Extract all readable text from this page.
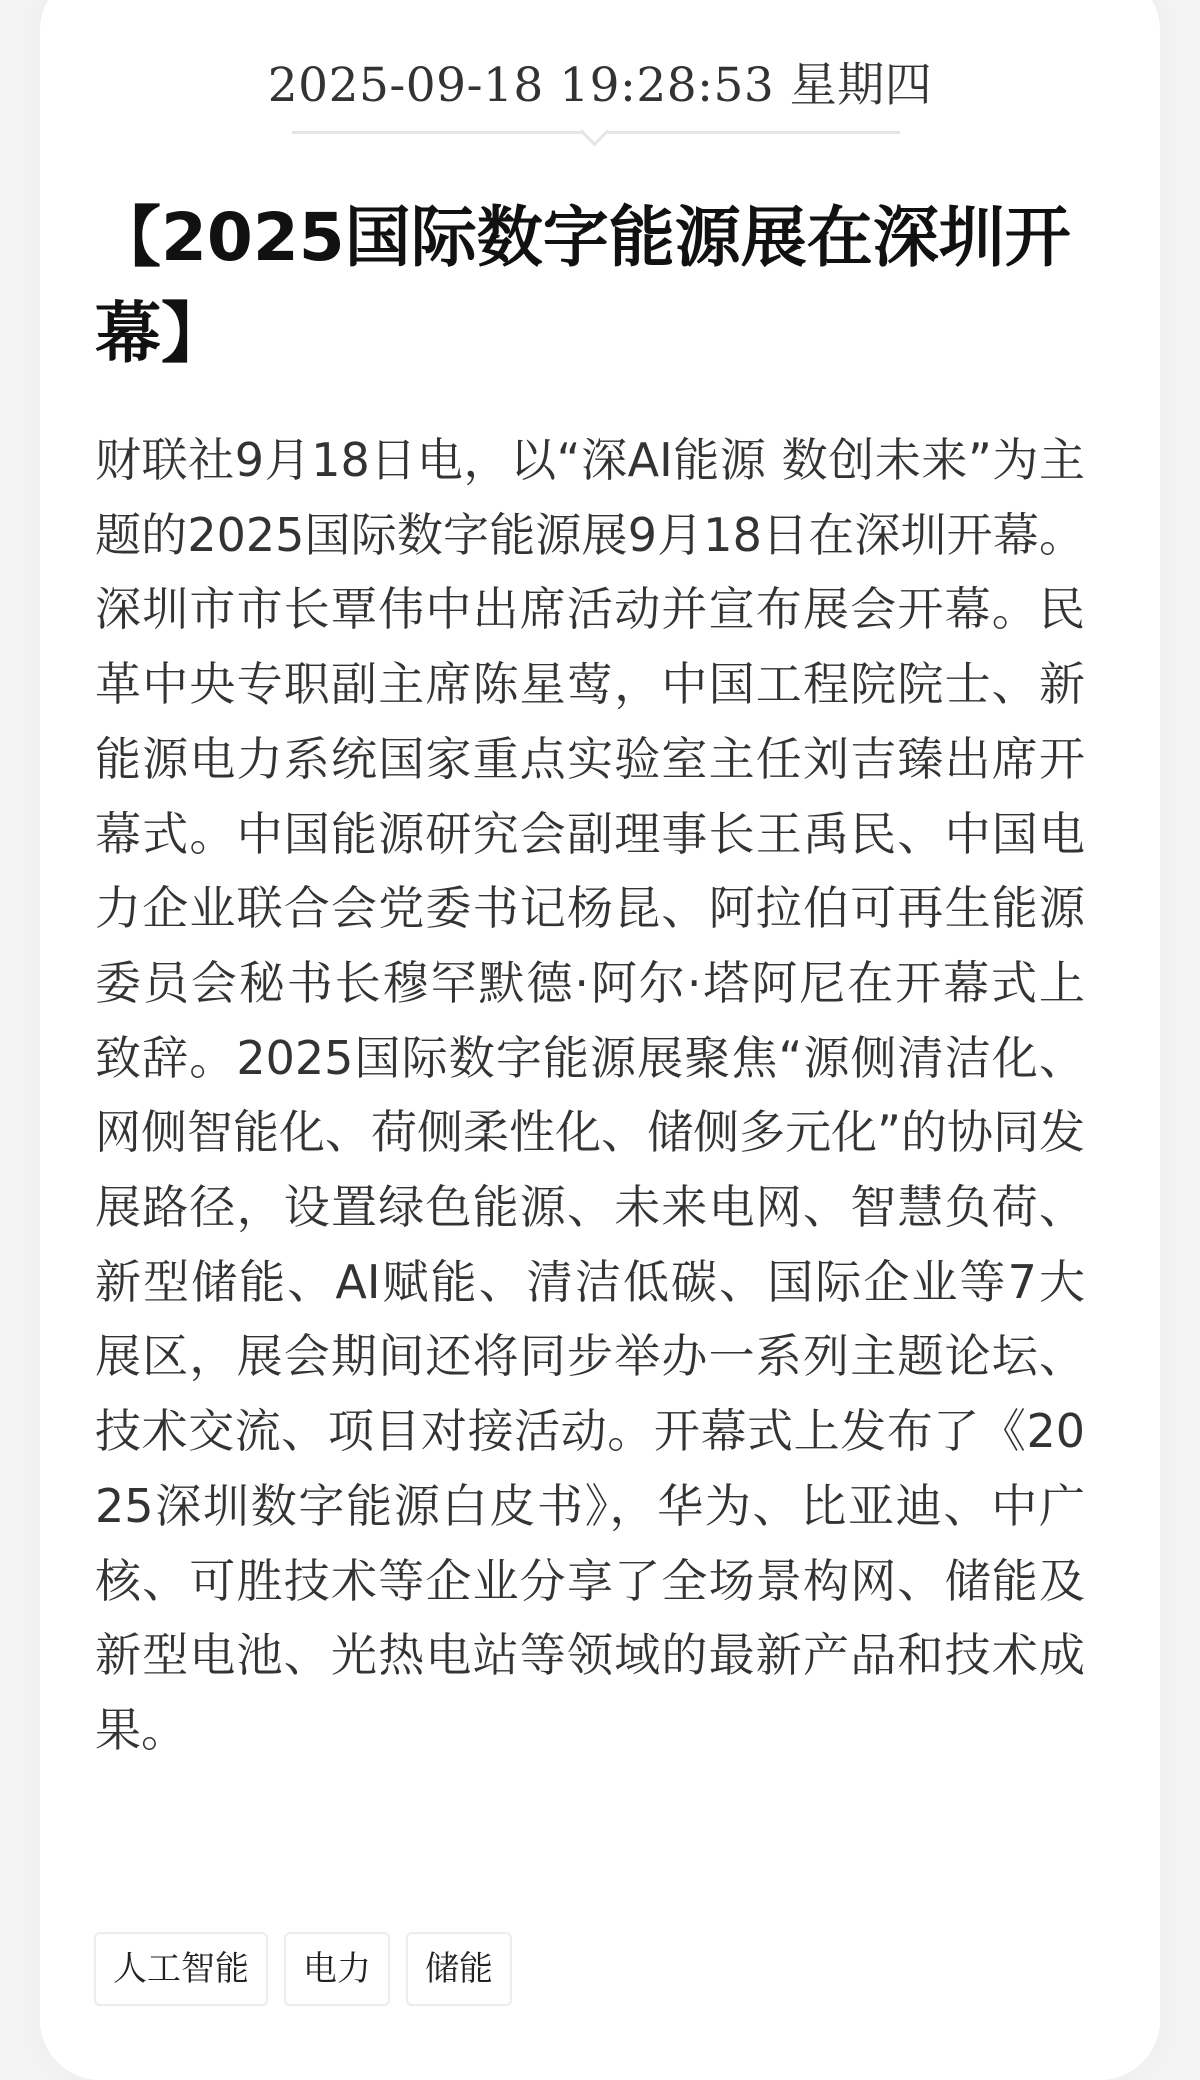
2025-09-18 19:28:53 星期四
【2025国际数字能源展在深圳开幕】

财联社9月18日电，以“深AI能源 数创未来”为主题的2025国际数字能源展9月18日在深圳开幕。深圳市市长覃伟中出席活动并宣布展会开幕。民革中央专职副主席陈星莺，中国工程院院士、新能源电力系统国家重点实验室主任刘吉臻出席开幕式。中国能源研究会副理事长王禹民、中国电力企业联合会党委书记杨昆、阿拉伯可再生能源委员会秘书长穆罕默德·阿尔·塔阿尼在开幕式上致辞。2025国际数字能源展聚焦“源侧清洁化、网侧智能化、荷侧柔性化、储侧多元化”的协同发展路径，设置绿色能源、未来电网、智慧负荷、新型储能、AI赋能、清洁低碳、国际企业等7大展区，展会期间还将同步举办一系列主题论坛、技术交流、项目对接活动。开幕式上发布了《2025深圳数字能源白皮书》，华为、比亚迪、中广核、可胜技术等企业分享了全场景构网、储能及新型电池、光热电站等领域的最新产品和技术成果。

人工智能	电力	储能
